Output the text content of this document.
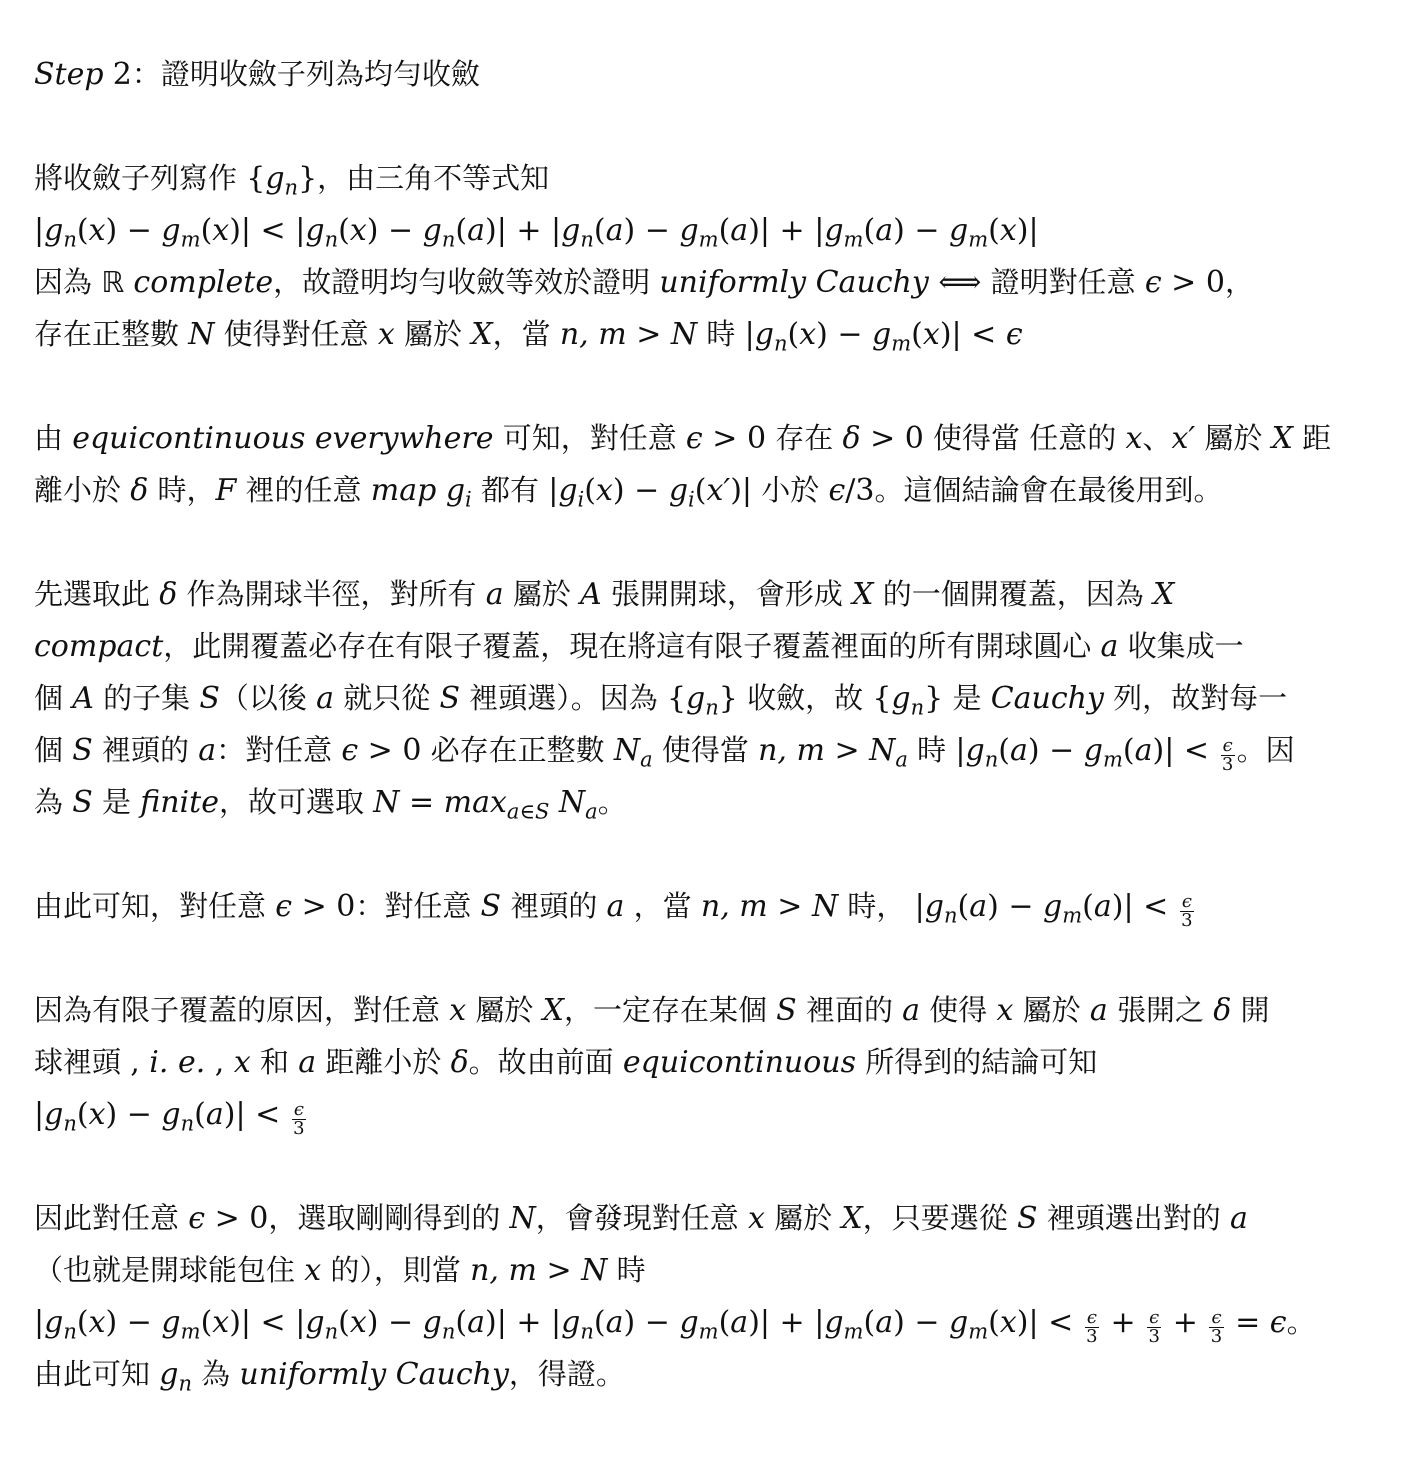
Step 2：證明收斂子列為均勻收斂
將收斂子列寫作 $\{g_n\}$，由三角不等式知
$|g_n(x) - g_m(x)| < |g_n(x) - g_n(a)| + |g_n(a) - g_m(a)| + |g_m(a) - g_m(x)|$
因為 ℝ complete，故證明均勻收斂等效於證明 uniformly Cauchy ⟺ 證明對任意 ϵ > 0，
存在正整數 N 使得對任意 x 屬於 X，當 n, m > N 時 $|g_n(x) - g_m(x)| < \epsilon$
由 equicontinuous everywhere 可知，對任意 ϵ > 0 存在 δ > 0 使得當 任意的 x、x′ 屬於 X 距
離小於 δ 時，F 裡的任意 map $g_i$ 都有 $|g_i(x) - g_i(x')|$ 小於 ϵ/3。這個結論會在最後用到。
先選取此 δ 作為開球半徑，對所有 a 屬於 A 張開開球，會形成 X 的一個開覆蓋，因為 X
compact，此開覆蓋必存在有限子覆蓋，現在將這有限子覆蓋裡面的所有開球圓心 a 收集成一
個 A 的子集 S（以後 a 就只從 S 裡頭選）。因為 $\{g_n\}$ 收斂，故 $\{g_n\}$ 是 Cauchy 列，故對每一
個 S 裡頭的 a：對任意 ϵ > 0 必存在正整數 $N_a$ 使得當 n, $m > N_a$ 時 $|g_n(a) - g_m(a)| < \frac{\epsilon}{3}$ 。因
為 S 是 finite，故可選取 $N = \max_{a\in S} N_a$。
由此可知，對任意 ϵ > 0：對任意 S 裡頭的 a ，當 n, m > N 時， $|g_n(a) - g_m(a)| < \frac{\epsilon}{3}$
因為有限子覆蓋的原因，對任意 x 屬於 X，一定存在某個 S 裡面的 a 使得 x 屬於 a 張開之 δ 開
球裡頭 , i. e. , x 和 a 距離小於 δ。故由前面 equicontinuous 所得到的結論可知
$|g_n(x) - g_n(a)| < \frac{\epsilon}{3}$
因此對任意 ϵ > 0，選取剛剛得到的 N，會發現對任意 x 屬於 X，只要選從 S 裡頭選出對的 a
（也就是開球能包住 x 的），則當 n, m > N 時
$|g_n(x) - g_m(x)| < |g_n(x) - g_n(a)| + |g_n(a) - g_m(a)| + |g_m(a) - g_m(x)| < \frac{\epsilon}{3} + \frac{\epsilon}{3} + \frac{\epsilon}{3} = \epsilon$。
由此可知 $g_n$ 為 uniformly Cauchy，得證。
